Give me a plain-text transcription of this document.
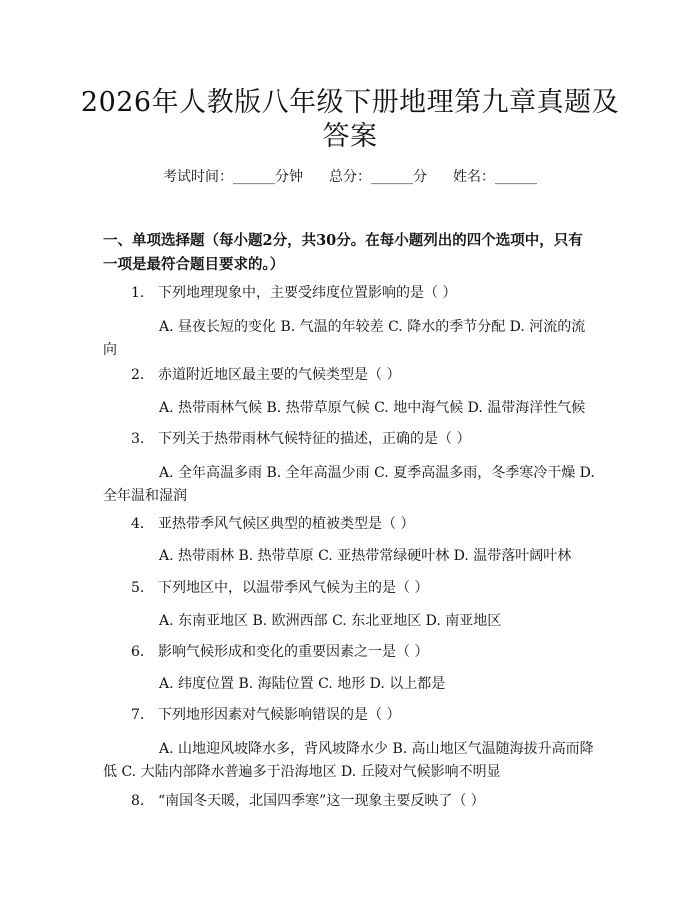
2026年人教版八年级下册地理第九章真题及
答案
考试时间：______分钟 总分：______分 姓名：______
一、单项选择题（每小题2分，共30分。在每小题列出的四个选项中，只有一项是最符合题目要求的。）
1. 下列地理现象中，主要受纬度位置影响的是（ ）
A. 昼夜长短的变化 B. 气温的年较差 C. 降水的季节分配 D. 河流的流向
2. 赤道附近地区最主要的气候类型是（ ）
A. 热带雨林气候 B. 热带草原气候 C. 地中海气候 D. 温带海洋性气候
3. 下列关于热带雨林气候特征的描述，正确的是（ ）
A. 全年高温多雨 B. 全年高温少雨 C. 夏季高温多雨，冬季寒冷干燥 D. 全年温和湿润
4. 亚热带季风气候区典型的植被类型是（ ）
A. 热带雨林 B. 热带草原 C. 亚热带常绿硬叶林 D. 温带落叶阔叶林
5. 下列地区中，以温带季风气候为主的是（ ）
A. 东南亚地区 B. 欧洲西部 C. 东北亚地区 D. 南亚地区
6. 影响气候形成和变化的重要因素之一是（ ）
A. 纬度位置 B. 海陆位置 C. 地形 D. 以上都是
7. 下列地形因素对气候影响错误的是（ ）
A. 山地迎风坡降水多，背风坡降水少 B. 高山地区气温随海拔升高而降低 C. 大陆内部降水普遍多于沿海地区 D. 丘陵对气候影响不明显
8. “南国冬天暖，北国四季寒”这一现象主要反映了（ ）
